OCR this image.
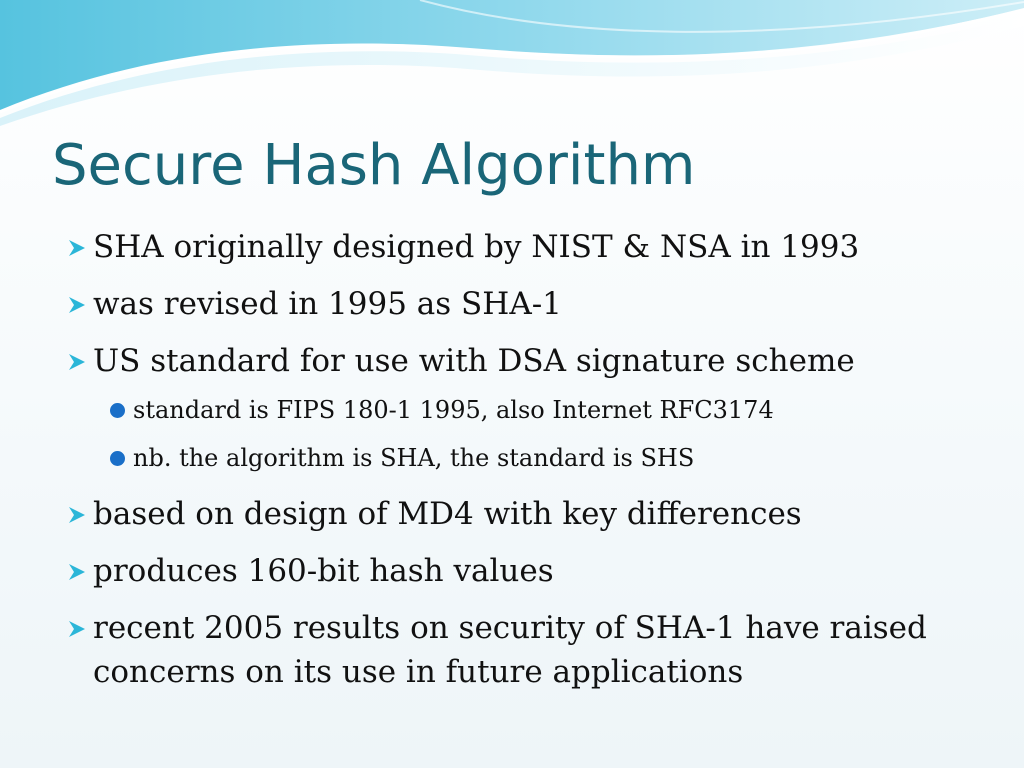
Secure Hash Algorithm
SHA originally designed by NIST & NSA in 1993
was revised in 1995 as SHA-1
US standard for use with DSA signature scheme
standard is FIPS 180-1 1995, also Internet RFC3174
nb. the algorithm is SHA, the standard is SHS
based on design of MD4 with key differences
produces 160-bit hash values
recent 2005 results on security of SHA-1 have raised concerns on its use in future applications
